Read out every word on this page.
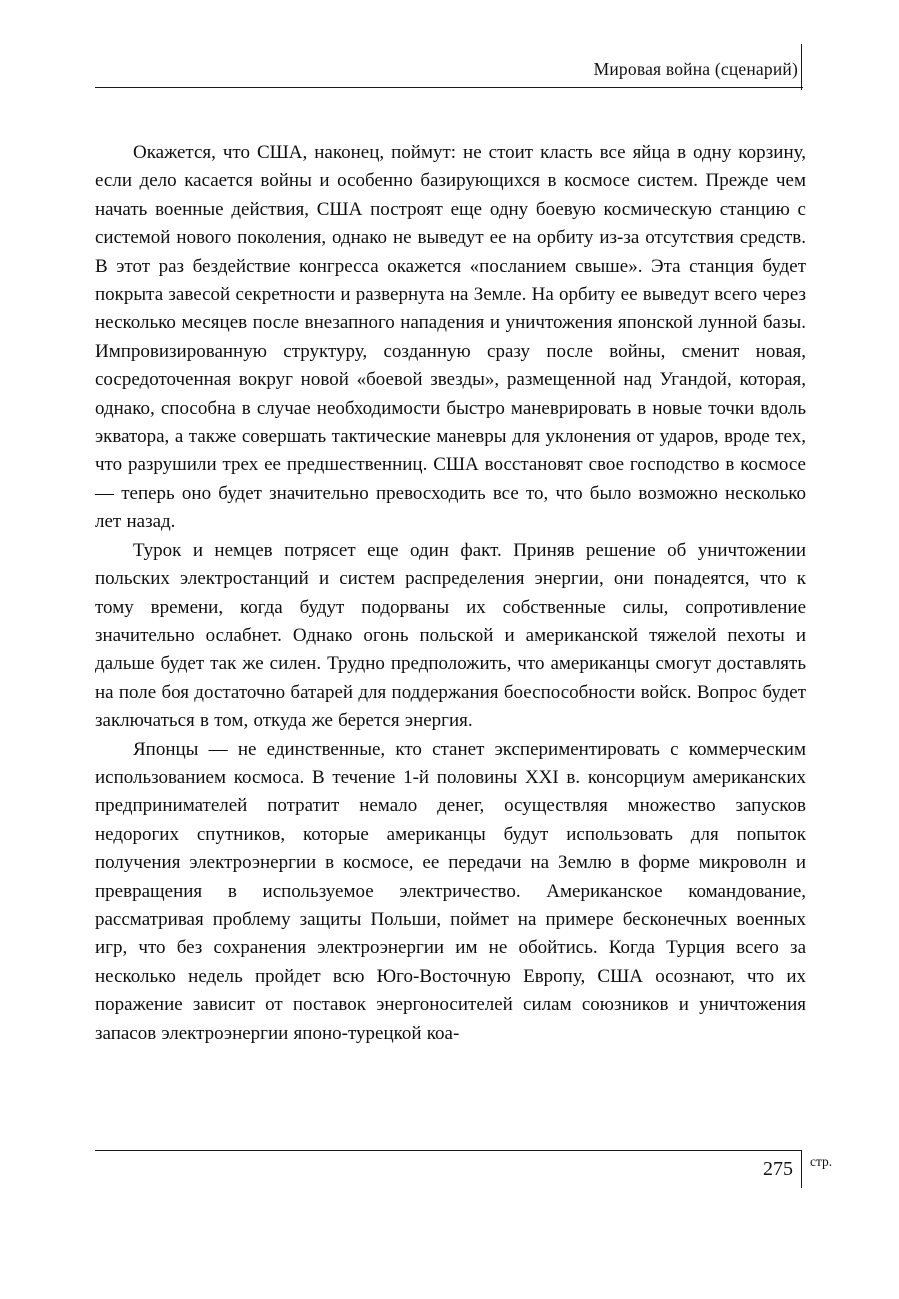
Мировая война (сценарий)

Окажется, что США, наконец, поймут: не стоит класть все яйца в одну корзину, если дело касается войны и особенно базирующихся в космосе систем. Прежде чем начать военные действия, США построят еще одну боевую космическую станцию с системой нового поколения, однако не выведут ее на орбиту из-за отсутствия средств. В этот раз бездействие конгресса окажется «посланием свыше». Эта станция будет покрыта завесой секретности и развернута на Земле. На орбиту ее выведут всего через несколько месяцев после внезапного нападения и уничтожения японской лунной базы. Импровизированную структуру, созданную сразу после войны, сменит новая, сосредоточенная вокруг новой «боевой звезды», размещенной над Угандой, которая, однако, способна в случае необходимости быстро маневрировать в новые точки вдоль экватора, а также совершать тактические маневры для уклонения от ударов, вроде тех, что разрушили трех ее предшественниц. США восстановят свое господство в космосе — теперь оно будет значительно превосходить все то, что было возможно несколько лет назад.

Турок и немцев потрясет еще один факт. Приняв решение об уничтожении польских электростанций и систем распределения энергии, они понадеятся, что к тому времени, когда будут подорваны их собственные силы, сопротивление значительно ослабнет. Однако огонь польской и американской тяжелой пехоты и дальше будет так же силен. Трудно предположить, что американцы смогут доставлять на поле боя достаточно батарей для поддержания боеспособности войск. Вопрос будет заключаться в том, откуда же берется энергия.

Японцы — не единственные, кто станет экспериментировать с коммерческим использованием космоса. В течение 1-й половины XXI в. консорциум американских предпринимателей потратит немало денег, осуществляя множество запусков недорогих спутников, которые американцы будут использовать для попыток получения электроэнергии в космосе, ее передачи на Землю в форме микроволн и превращения в используемое электричество. Американское командование, рассматривая проблему защиты Польши, поймет на примере бесконечных военных игр, что без сохранения электроэнергии им не обойтись. Когда Турция всего за несколько недель пройдет всю Юго-Восточную Европу, США осознают, что их поражение зависит от поставок энергоносителей силам союзников и уничтожения запасов электроэнергии японо-турецкой коа-

275 стр.
